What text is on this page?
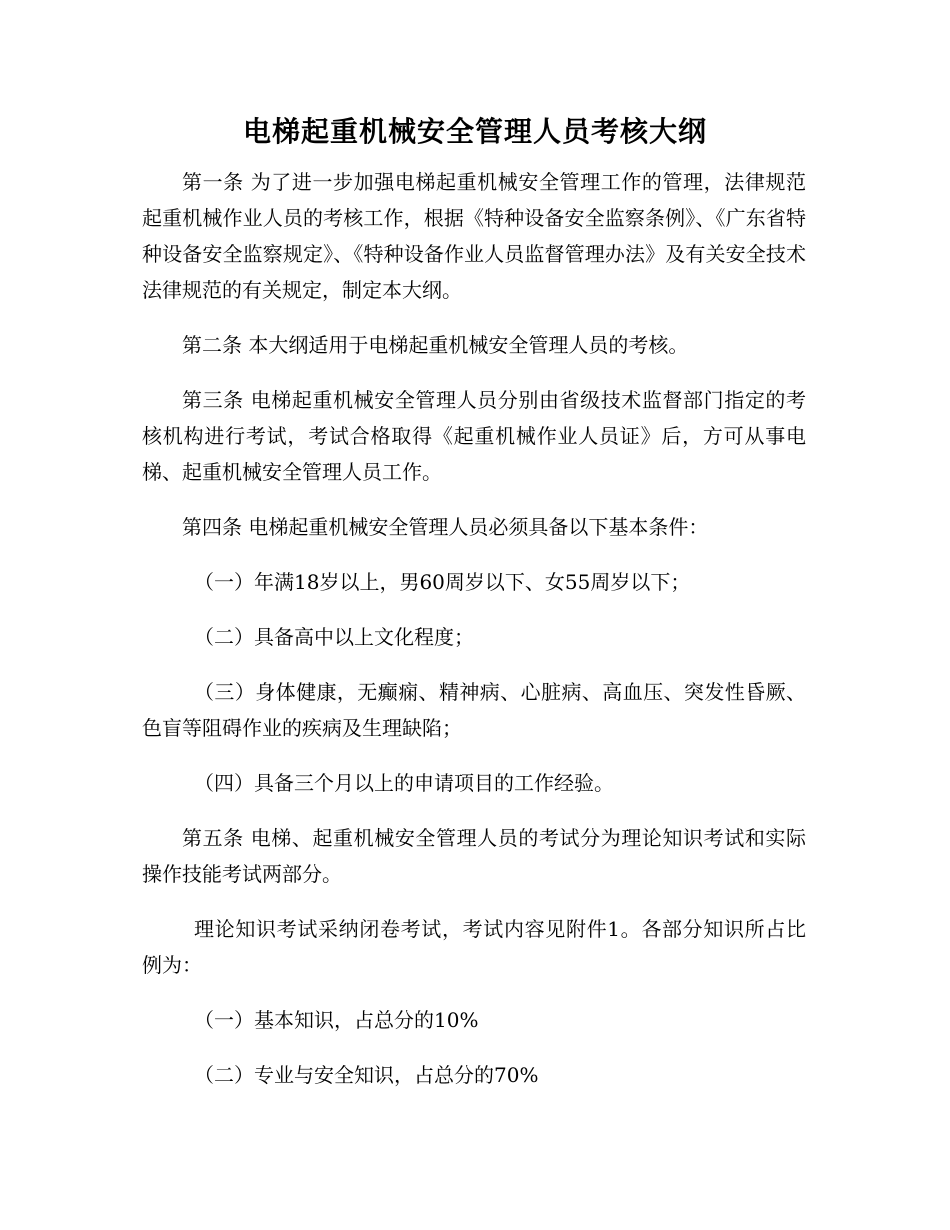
电梯起重机械安全管理人员考核大纲

第一条 为了进一步加强电梯起重机械安全管理工作的管理，法律规范起重机械作业人员的考核工作，根据《特种设备安全监察条例》、《广东省特种设备安全监察规定》、《特种设备作业人员监督管理办法》及有关安全技术法律规范的有关规定，制定本大纲。

第二条 本大纲适用于电梯起重机械安全管理人员的考核。

第三条 电梯起重机械安全管理人员分别由省级技术监督部门指定的考核机构进行考试，考试合格取得《起重机械作业人员证》后，方可从事电梯、起重机械安全管理人员工作。

第四条 电梯起重机械安全管理人员必须具备以下基本条件：

（一）年满18岁以上，男60周岁以下、女55周岁以下；

（二）具备高中以上文化程度；

（三）身体健康，无癫痫、精神病、心脏病、高血压、突发性昏厥、色盲等阻碍作业的疾病及生理缺陷；

（四）具备三个月以上的申请项目的工作经验。

第五条 电梯、起重机械安全管理人员的考试分为理论知识考试和实际操作技能考试两部分。

理论知识考试采纳闭卷考试，考试内容见附件1。各部分知识所占比例为：

（一）基本知识，占总分的10%

（二）专业与安全知识，占总分的70%
